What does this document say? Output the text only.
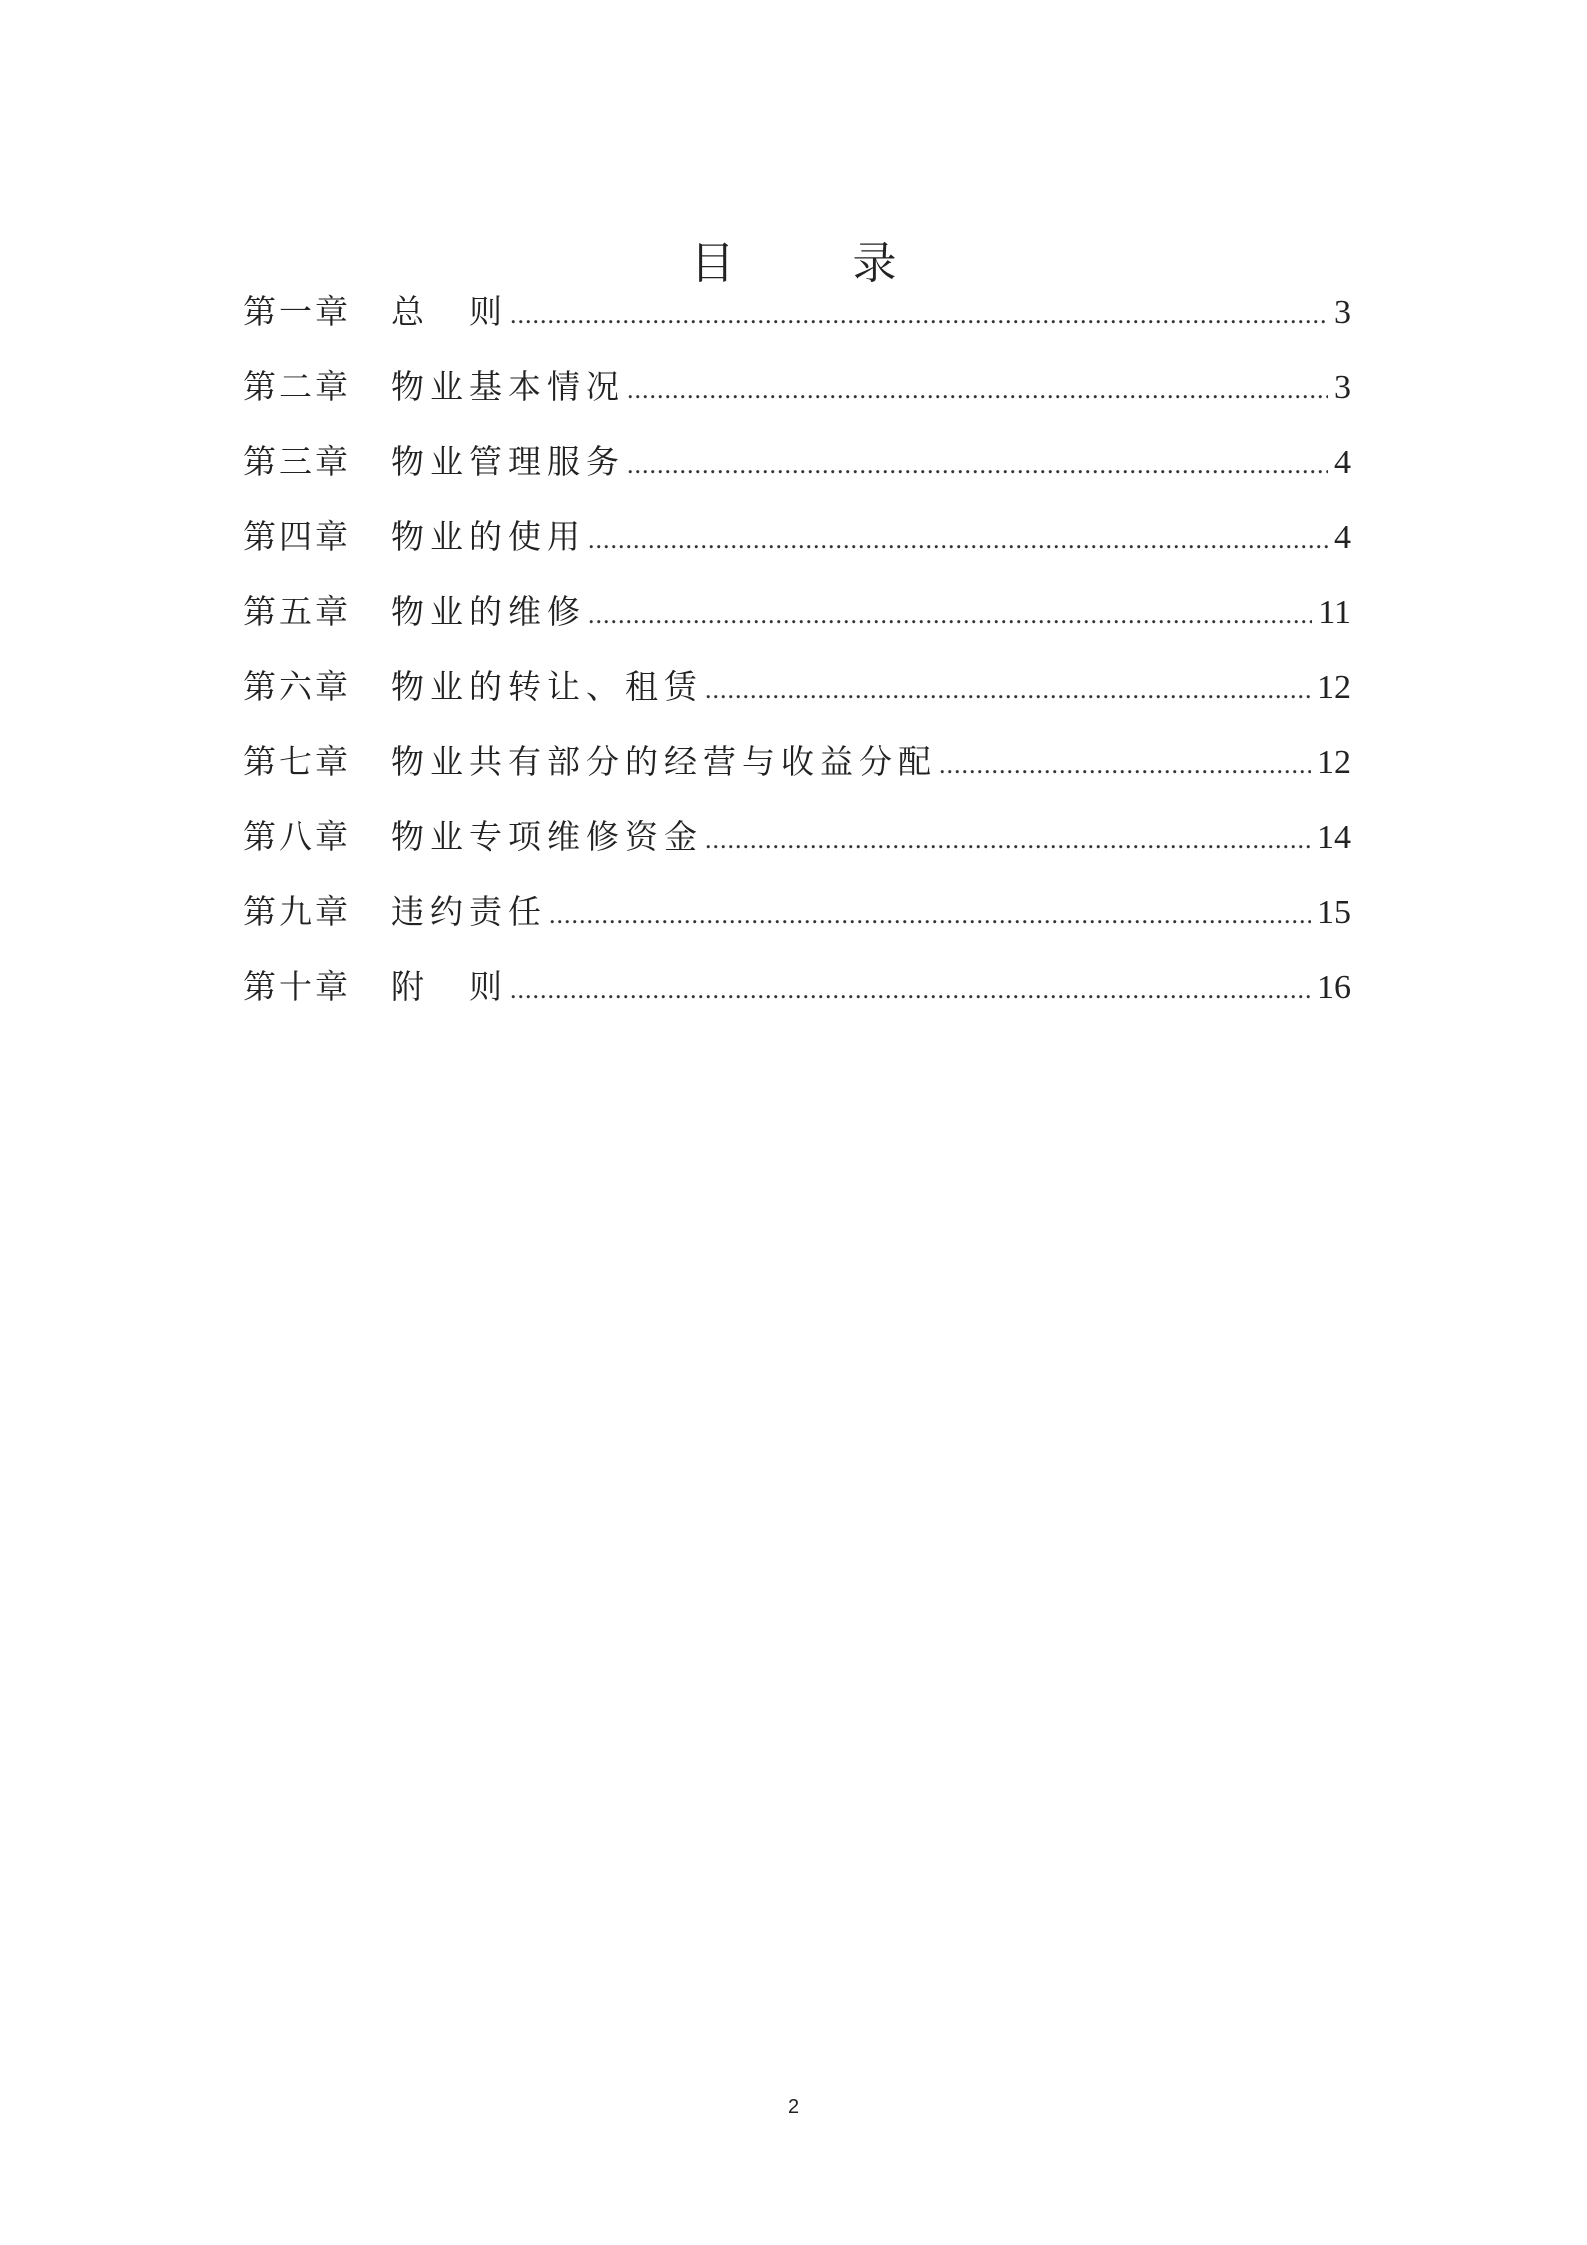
目 录
第一章	总　则 .....	3
第二章	物业基本情况 .....	3
第三章	物业管理服务 .....	4
第四章	物业的使用 .....	4
第五章	物业的维修 .....	11
第六章	物业的转让、租赁 .....	12
第七章	物业共有部分的经营与收益分配 .....	12
第八章	物业专项维修资金 .....	14
第九章	违约责任 .....	15
第十章	附　则 .....	16
2
